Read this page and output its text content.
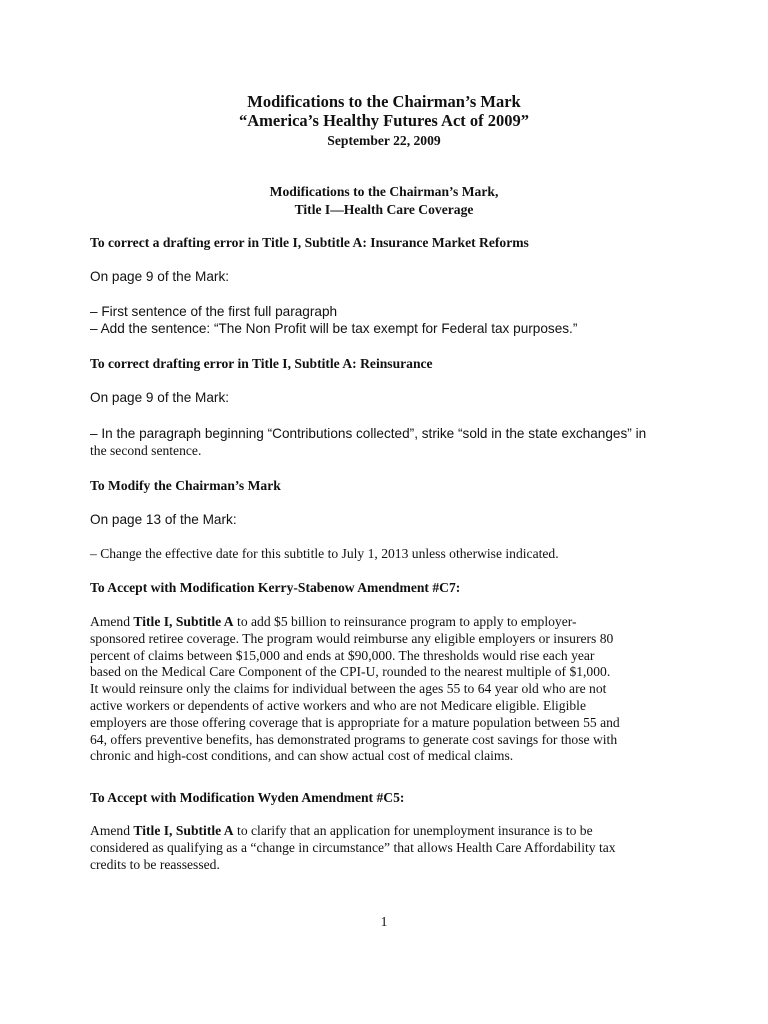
Modifications to the Chairman’s Mark
“America’s Healthy Futures Act of 2009”
September 22, 2009
Modifications to the Chairman’s Mark,
Title I—Health Care Coverage
To correct a drafting error in Title I, Subtitle A: Insurance Market Reforms
On page 9 of the Mark:
– First sentence of the first full paragraph
– Add the sentence: “The Non Profit will be tax exempt for Federal tax purposes.”
To correct drafting error in Title I, Subtitle A: Reinsurance
On page 9 of the Mark:
– In the paragraph beginning “Contributions collected”, strike “sold in the state exchanges” in
the second sentence.
To Modify the Chairman’s Mark
On page 13 of the Mark:
– Change the effective date for this subtitle to July 1, 2013 unless otherwise indicated.
To Accept with Modification Kerry-Stabenow Amendment #C7:
Amend Title I, Subtitle A to add $5 billion to reinsurance program to apply to employer-
sponsored retiree coverage. The program would reimburse any eligible employers or insurers 80
percent of claims between $15,000 and ends at $90,000. The thresholds would rise each year
based on the Medical Care Component of the CPI-U, rounded to the nearest multiple of $1,000.
It would reinsure only the claims for individual between the ages 55 to 64 year old who are not
active workers or dependents of active workers and who are not Medicare eligible. Eligible
employers are those offering coverage that is appropriate for a mature population between 55 and
64, offers preventive benefits, has demonstrated programs to generate cost savings for those with
chronic and high-cost conditions, and can show actual cost of medical claims.
To Accept with Modification Wyden Amendment #C5:
Amend Title I, Subtitle A to clarify that an application for unemployment insurance is to be
considered as qualifying as a “change in circumstance” that allows Health Care Affordability tax
credits to be reassessed.
1
